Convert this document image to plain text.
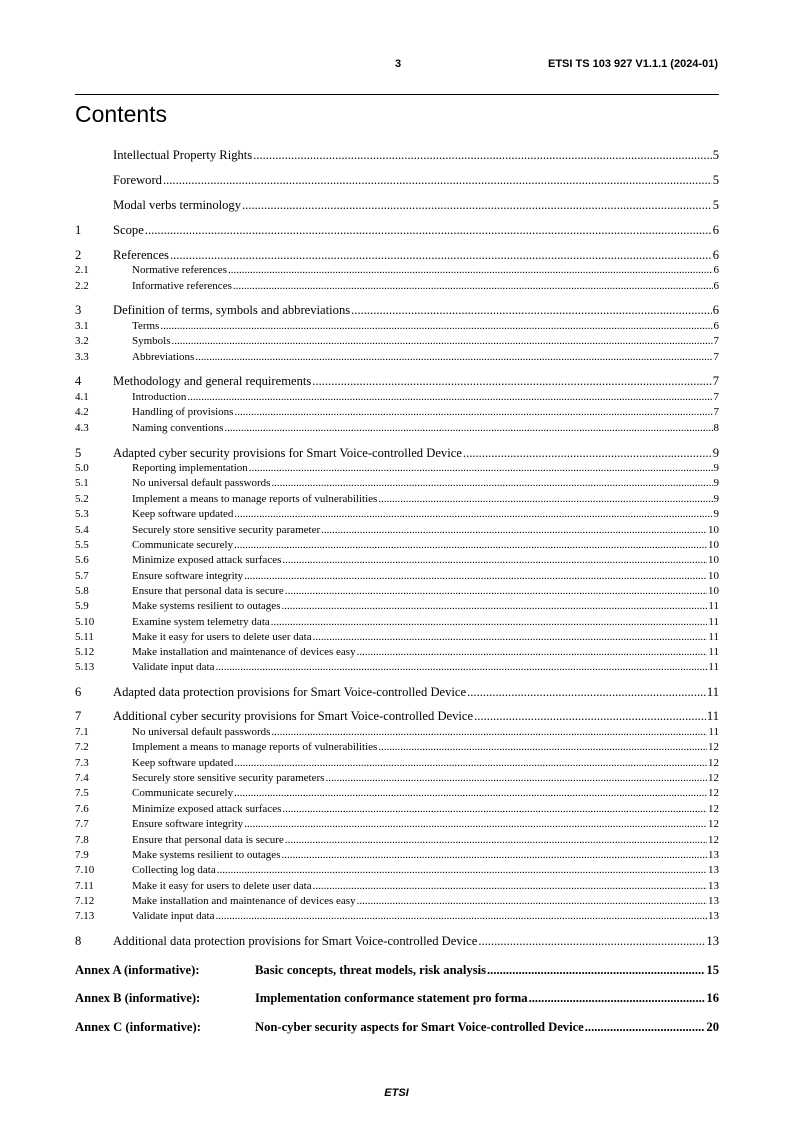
3	ETSI TS 103 927 V1.1.1 (2024-01)
Contents
Intellectual Property Rights .....	5
Foreword .....	5
Modal verbs terminology .....	5
1	Scope .....	6
2	References .....	6
2.1	Normative references .....	6
2.2	Informative references .....	6
3	Definition of terms, symbols and abbreviations .....	6
3.1	Terms .....	6
3.2	Symbols .....	7
3.3	Abbreviations .....	7
4	Methodology and general requirements .....	7
4.1	Introduction .....	7
4.2	Handling of provisions .....	7
4.3	Naming conventions .....	8
5	Adapted cyber security provisions for Smart Voice-controlled Device .....	9
5.0	Reporting implementation .....	9
5.1	No universal default passwords .....	9
5.2	Implement a means to manage reports of vulnerabilities .....	9
5.3	Keep software updated .....	9
5.4	Securely store sensitive security parameter .....	10
5.5	Communicate securely .....	10
5.6	Minimize exposed attack surfaces .....	10
5.7	Ensure software integrity .....	10
5.8	Ensure that personal data is secure .....	10
5.9	Make systems resilient to outages .....	11
5.10	Examine system telemetry data .....	11
5.11	Make it easy for users to delete user data .....	11
5.12	Make installation and maintenance of devices easy .....	11
5.13	Validate input data .....	11
6	Adapted data protection provisions for Smart Voice-controlled Device .....	11
7	Additional cyber security provisions for Smart Voice-controlled Device .....	11
7.1	No universal default passwords .....	11
7.2	Implement a means to manage reports of vulnerabilities .....	12
7.3	Keep software updated .....	12
7.4	Securely store sensitive security parameters .....	12
7.5	Communicate securely .....	12
7.6	Minimize exposed attack surfaces .....	12
7.7	Ensure software integrity .....	12
7.8	Ensure that personal data is secure .....	12
7.9	Make systems resilient to outages .....	13
7.10	Collecting log data .....	13
7.11	Make it easy for users to delete user data .....	13
7.12	Make installation and maintenance of devices easy .....	13
7.13	Validate input data .....	13
8	Additional data protection provisions for Smart Voice-controlled Device .....	13
Annex A (informative):	Basic concepts, threat models, risk analysis .....	15
Annex B (informative):	Implementation conformance statement pro forma .....	16
Annex C (informative):	Non-cyber security aspects for Smart Voice-controlled Device .....	20
ETSI
